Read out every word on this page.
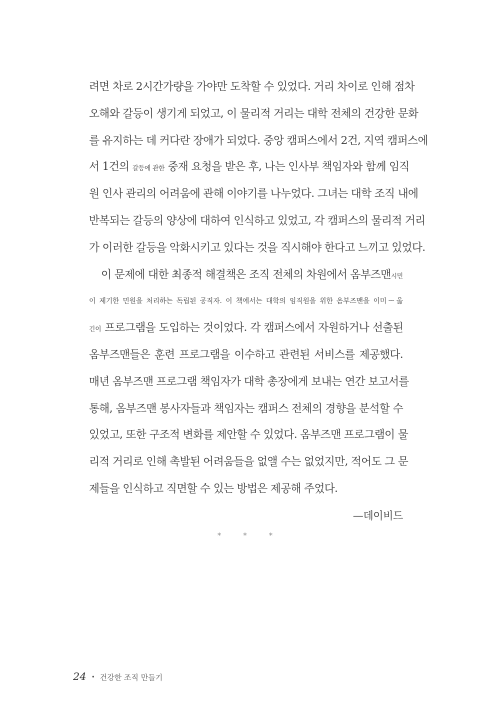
려면 차로 2시간가량을 가야만 도착할 수 있었다. 거리 차이로 인해 점차
오해와 갈등이 생기게 되었고, 이 물리적 거리는 대학 전체의 건강한 문화
를 유지하는 데 커다란 장애가 되었다. 중앙 캠퍼스에서 2건, 지역 캠퍼스에
서 1건의 갈등에 관한 중재 요청을 받은 후, 나는 인사부 책임자와 함께 임직
원 인사 관리의 어려움에 관해 이야기를 나누었다. 그녀는 대학 조직 내에
반복되는 갈등의 양상에 대하여 인식하고 있었고, 각 캠퍼스의 물리적 거리
가 이러한 갈등을 악화시키고 있다는 것을 직시해야 한다고 느끼고 있었다.
이 문제에 대한 최종적 해결책은 조직 전체의 차원에서 옴부즈맨시민
이 제기한 민원을 처리하는 독립된 공직자. 이 책에서는 대학의 임직원을 위한 옴부즈맨을 이미ー옮
긴이 프로그램을 도입하는 것이었다. 각 캠퍼스에서 자원하거나 선출된
옴부즈맨들은 훈련 프로그램을 이수하고 관련된 서비스를 제공했다.
매년 옴부즈맨 프로그램 책임자가 대학 총장에게 보내는 연간 보고서를
통해, 옴부즈맨 봉사자들과 책임자는 캠퍼스 전체의 경향을 분석할 수
있었고, 또한 구조적 변화를 제안할 수 있었다. 옴부즈맨 프로그램이 물
리적 거리로 인해 촉발된 어려움들을 없앨 수는 없었지만, 적어도 그 문
제들을 인식하고 직면할 수 있는 방법은 제공해 주었다.
—데이비드
* * *
24 • 건강한 조직 만들기
